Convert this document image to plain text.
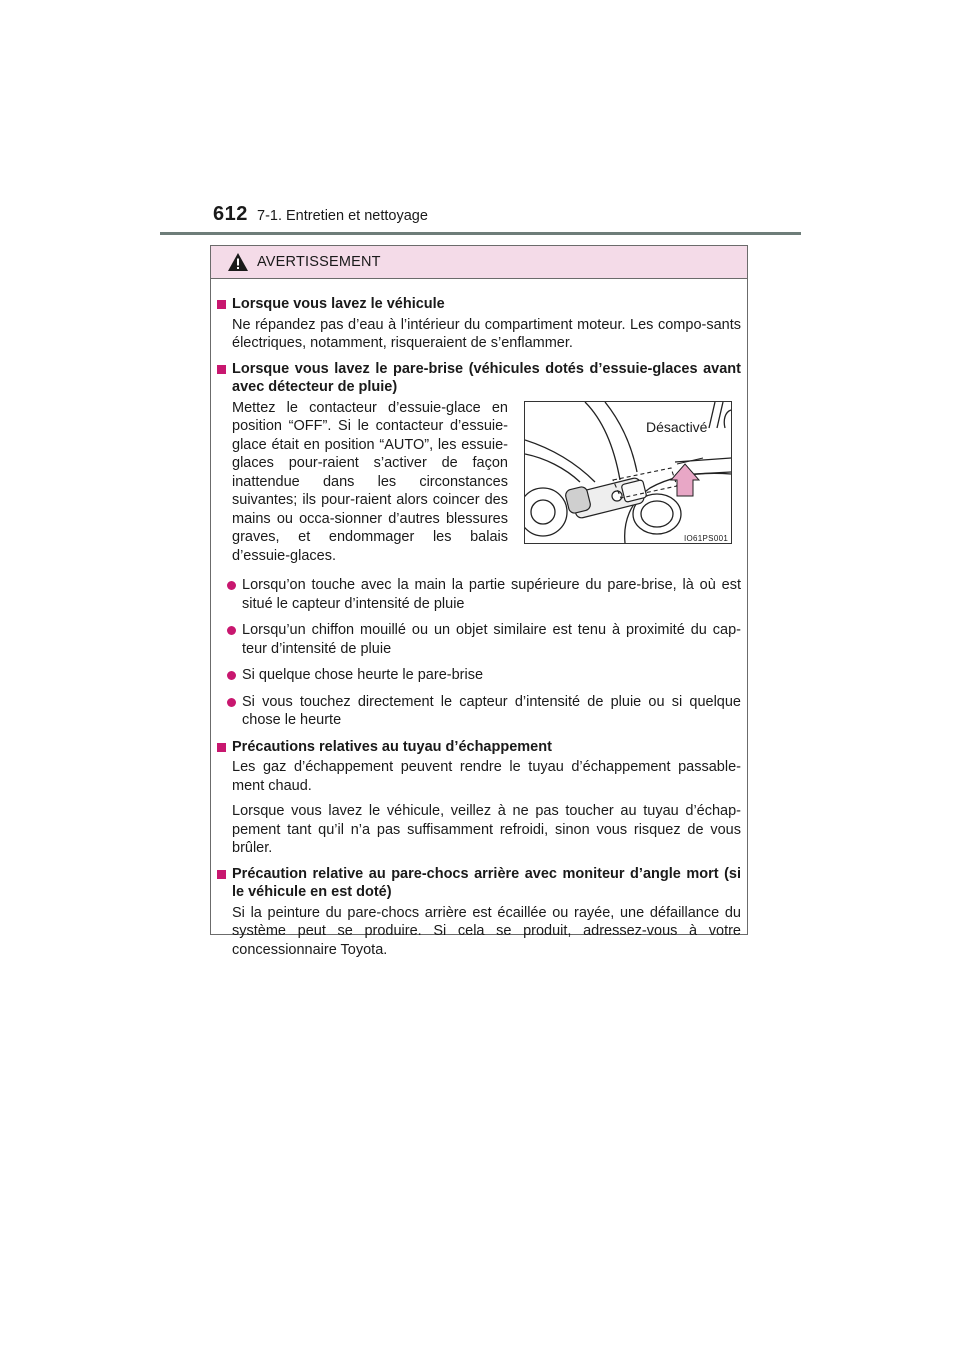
612 7-1. Entretien et nettoyage
AVERTISSEMENT
Lorsque vous lavez le véhicule
Ne répandez pas d’eau à l’intérieur du compartiment moteur. Les compo-sants électriques, notamment, risqueraient de s’enflammer.
Lorsque vous lavez le pare-brise (véhicules dotés d’essuie-glaces avant avec détecteur de pluie)
Mettez le contacteur d’essuie-glace en position “OFF”. Si le contacteur d’essuie-glace était en position “AUTO”, les essuie-glaces pour-raient s’activer de façon inattendue dans les circonstances suivantes; ils pour-raient alors coincer des mains ou occa-sionner d’autres blessures graves, et endommager les balais d’essuie-glaces.
Désactivé
IO61PS001
Lorsqu’on touche avec la main la partie supérieure du pare-brise, là où est situé le capteur d’intensité de pluie
Lorsqu’un chiffon mouillé ou un objet similaire est tenu à proximité du cap-teur d’intensité de pluie
Si quelque chose heurte le pare-brise
Si vous touchez directement le capteur d’intensité de pluie ou si quelque chose le heurte
Précautions relatives au tuyau d’échappement
Les gaz d’échappement peuvent rendre le tuyau d’échappement passable-ment chaud.
Lorsque vous lavez le véhicule, veillez à ne pas toucher au tuyau d’échap-pement tant qu’il n’a pas suffisamment refroidi, sinon vous risquez de vous brûler.
Précaution relative au pare-chocs arrière avec moniteur d’angle mort (si le véhicule en est doté)
Si la peinture du pare-chocs arrière est écaillée ou rayée, une défaillance du système peut se produire. Si cela se produit, adressez-vous à votre concessionnaire Toyota.
